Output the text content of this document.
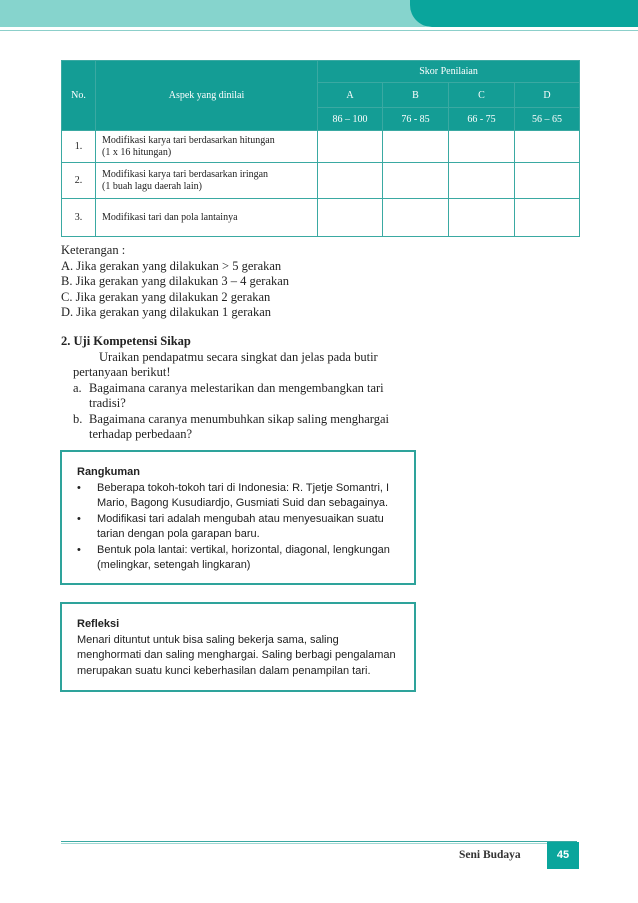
No.	Aspek yang dinilai	Skor Penilaian			
		A	B	C	D
		86 – 100	76 - 85	66 - 75	56 – 65
1.	Modifikasi karya tari berdasarkan hitungan
(1 x 16 hitungan)				

2.	Modifikasi karya tari berdasarkan iringan
(1 buah lagu daerah lain)				

3.	Modifikasi tari dan pola lantainya				

Keterangan :
A. Jika gerakan yang dilakukan > 5 gerakan
B. Jika gerakan yang dilakukan 3 – 4 gerakan
C. Jika gerakan yang dilakukan 2 gerakan
D. Jika gerakan yang dilakukan 1 gerakan
2. Uji Kompetensi Sikap
Uraikan pendapatmu secara singkat dan jelas pada butir
pertanyaan berikut!
a. Bagaimana caranya melestarikan dan mengembangkan tari
tradisi?
b. Bagaimana caranya menumbuhkan sikap saling menghargai
terhadap perbedaan?
Rangkuman
•	Beberapa tokoh-tokoh tari di Indonesia: R. Tjetje Somantri, I
Mario, Bagong Kusudiardjo, Gusmiati Suid dan sebagainya.
•	Modifikasi tari adalah mengubah atau menyesuaikan suatu
tarian dengan pola garapan baru.
•	Bentuk pola lantai: vertikal, horizontal, diagonal, lengkungan
(melingkar, setengah lingkaran)
Refleksi
Menari dituntut untuk bisa saling bekerja sama, saling
menghormati dan saling menghargai. Saling berbagi pengalaman
merupakan suatu kunci keberhasilan dalam penampilan tari.
Seni Budaya	45
